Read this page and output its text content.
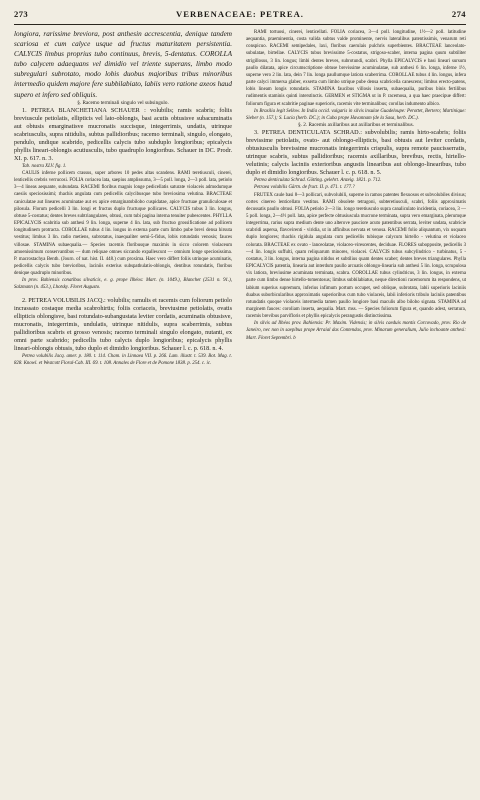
273	VERBENACEAE: PETREA.	274

longiora, rarissime breviora, post anthesin accrescentia, denique tandem scariosa et cum calyce usque ad fructus maturitatem persistentia. CALYCIS limbus proprius tubo continuus, brevis, 5-dentatus. COROLLA tubo calycem adaequans vel dimidio vel triente superans, limbo modo subregulari subrotato, modo lobis duobus majoribus tribus minoribus intermedio quidem majore fere subbilabiato, labiis vero ratione axeos haud supero et infero sed obliquis.

§. Racemo terminali singulo vel subsingulo.

1. PETREA BLANCHETIANA SCHAUER : volubilis; ramis scabris; foliis breviuscule petiolatis, ellipticis vel lato-oblongis, basi acutis obtusisve subacuminatis aut obtusis emarginatisve mucronatis succisque, integerrimis, undatis, utrinque scabriusculis, supra nitidulis, subtus pallidioribus; racemo terminali, singulo, elongato, pendulo, undique scabrido, pedicellis calycis tubo subduplo longioribus; epicalycis phyllis lineari-oblongis acutiusculis, tubo quadruplo longioribus. Schauer in DC. Prodr. XI. p. 617. n. 3.

Tab. nostra XLV. fig. 1.

CAULIS inferne pollicem crassus, super arbores 10 pedes altas scandens. RAMI teretiusculi, cinerei, lenticellis crebris verrucosi. FOLIA coriacea lata, saepius amplissuma, 3—5 poll. longa, 2—3 poll. lata, petiolo 3—4 lineas aequante, subundata. RACEMI floribus magnis longe pedicellatis saturate violaceis admodumque caesiis speciosissimi; rhachis angulata cum pedicellis calycibusque tubo breviosima velutina. BRACTEAE caniculatae aut lineares acuminatae aut ex apice emarginatobilobo cuspidatae, apice fructuae granuliculosae et pilosula. Florum pedicelli 3 lin. longi et fructus duplo fructuque pollicares. CALYCIS tubus 3 lin. longus, obtuse 5-costatus; dentes breves subtriangulares, obtusi, cum tubi pagina interna tenuiter pubescentes. PHYLLA EPICALYCIS scabritia sub anthesi 9 lin. longa, superne 4 lin. lata, sub fructuo grossificatione ad pollicem longitudinem protracta. COROLLAE tubus 4 lin. longus in externa parte cum limbo pube brevi densa hirsuta vestitus; limbus 3 lin. radio metiens, subrotatus, inaequaliter semi-5-fidus, lobis rotundatis venosis; fauces villosae. STAMINA subaequalia.— Species racemis floribusque maximis in sicco colorem violaceum amoenissimum conservantibus — dum reliquae omnes siccando expallescunt — omnium longe speciosissima. P. macrostachya Benth. (Journ. of nat. hist. II. 448.) cum proxima. Haec vero differt foliis utrinque acuminatis, pedicellis calycis tubo brevioribus, laciniis exterius subspathulatis-oblongis, dentibus rotundatis, floribus denique quadruplo minoribus.

In prov. Bahiensis conatibus silvaticis, e. g. prope Ilhéos: Mart. (n. 1049.), Blanchet (2531 n. 91.), Salzmann (n. 453.), Lhotsky. Floret Augusto.

2. PETREA VOLUBILIS JACQ.: volubilis; ramulis et racemis cum foliorum petiolo incrassato costaque media scabrohirtis; foliis coriaceis, breviusime petiolatis, ovatis ellipticis oblongisve, basi rotundato-subangustata leviter cordatis, acuminatis obtusisve, mucronatis, integerrimis, undulatis, utrinque nitidulis, supra scaberrimis, subtus pallidioribus scabris et grosso venosis; racemo terminali singulo elongato, nutanti, ex omni parte scabrido; pedicellis tubo calycis duplo longioribus; epicalycis phyllis lineari-oblongis obtusis, tubo duplo et dimidio longioribus. Schauer l. c. p. 618. n. 4.

Petrea volubilis Jacq. amer. p. 180. t. 114. Cham. in Linnaea VII. p. 266. Lam. illustr. t. 539. Bot. Mag. t. 828. Knowl. et Westcott Floral-Cab. III. 69. t. 108. Annales de Flore et de Pomone 1838. p. 254. c. ic.

RAMI tortuosi, cinerei, lenticellati. FOLIA coriacea, 3—4 poll. longitudine, 1½—2 poll. latitudine aequantia, praeminentia, costa valida subtus valde prominente, nervis lateralibus patentissimis, venarum reti conspicuo. RACEMI semipedales, laxi, floribus caerulais pulchris superbientes. BRACTEAE lanceolato-subulatae, birtellae. CALYCIS tubus brevissime 5-costatus, strigoso-scaber, interna pagina quum subtiliter strigillosus, 3 lin. longus; limbi dentes breves, subrotundi, scabri. Phylla EPICALYCIS e basi lineari sursum paullo dilatata, apice circumscriptione obtuse brevissime acuminulatae, sub anthesi 6 lin. longa, inferne 1½, superne vero 2 lin. lata, dein 7 lin. longa paullumque latiora scaberrima. COROLLAE tubus 4 lin. longus, infera parte calyci immersa glaber, exserta cum limbo utrique pube densa scabricella canescens; limbus erecto-patens, lobis lineam longis rotundatis. STAMINA faucibus villosis inserta, subaequalia, puribus binis fertilibus rudimentis staminis quinti interstinctis. GERMEN et STIGMA ut in P. racemosa, a qua haec praecipue differt: foliorum figura et scabritie paginae superioris, racemis vite terminalibus; corollas indumento albico.

In Brasilia legit Sellow. In India occid. vulgaris in silvis insulae Guadeloupe: Perottet, Bertero; Martinique: Sieber (n. 157.); S. Lucia (herb. DC.); in Cuba prope Havannam (de la Sasa, herb. DC.).

§. 2. Racemis axillaribus aut axillaribus et terminalibus.

3. PETREA DENTICULATA SCHRAD.: subvolubilis; ramis hirto-scabris; foliis brevissime petiolatis, ovato- aut oblongo-ellipticis, basi obtusis aut leviter cordatis, obtusiusculis brevissime mucronatis integerrimis crispulis, supra remote paucisserratis, utrinque scabris, subtus pallidioribus; racemis axillaribus, brevibus, rectis, hirtello-velutinis; calycis laciniis exterioribus angustis linearibus aut oblongo-linearibus, tubo duplo et dimidio longioribus. Schauer l. c. p. 618. n. 5.

Petrea denticulata Schrad. Götting. gelehrt. Anzeig. 1821. p. 712.

Petraea volubilis Gärtn. de fruct. II. p. 471. t. 177.?

FRUTEX caule basi 8—3 pollicari, subvolubili, superne in ramos patentes flexuosos et subvolubiles divisus; cortex cinereo lenticellato vestitus. RAMI obsolete tetragoni, subteretiusculi, scabri, foliis approximatis decussatis paullo obtusi. FOLIA petiolo 2—3 lin. longo teretiusculo supra canaliculato incidentia, coriacea, 3 — 5 poll. longa, 2—4½ poll. lata, apice perfecte obtusiuscula mucrone terminata, supra vero emarginata, plerumque integerrima, rarius supra medium dente uno alterove pauciore acuto patentibus serrata, leviter undata, scabricie scabridi aspersa, flavovirenti - viridia, ut in affinibus nervata et venosa. RACEMI folio aliquantum, vix usquam duplo longiores; rhachis rigidula angulata cum pedicellis tubisque calycum hirtello - velutina et violaceo colorata. BRACTEAE ex ovato - lanceolatae, violaceo-virescentes, deciduae. FLORES subopposite, pedicellis 3—4 lin. longis suffulti, quam reliquarum minores, violacei. CALYCIS tubus subcylindrico - turbinatus, 5 - costatus, 3 lin. longus, interna pagina nitidus et subtilius quam dentes scaber; dentes breves triangulares. Phylla EPICALYCIS patentia, linearia aut interdum paullo arcuatis oblongo-linearia sub anthesi 5 lin. longa, scrupulosa vix latiora, breviusime acuminata terminata, scabra. COROLLAE tubus cylindricus, 3 lin. longus, in externa parte cum limbo dense hirtello-tomentosus; limbus subbilabiatus, neque directioni racemorum ita respondens, ut labium superius supremum, inferius infimum portum occupet, sed oblique, subrotata, labii superioris laciniis duabus suborbicularibus approximatis superioribus cum tubo violaceis, labii inferioris tribulo laciniis patentibus rotundatis quoque violaceis intermedia tamen paullo longiore basi maculis albo bilobo signata. STAMINA ad marginem fauces: coroliam inserta, aequalia. Mart. mss. — Species foliorum figura et, quando adest, serratura, racemis brevibus parvifloris et phyllis epicalycis perangustis distinctissima.

In silvis ad Ilhéos prov. Bahiensis: Pr. Maxim. Vidensis; in silvis caeduis montis Corcovado, prov. Rio de Janeiro, nec non in saepibus prope Arraial das Contendas, prov. Minarum generalium, Julio inchoante anthesi: Mart. Floret Septembri. b
